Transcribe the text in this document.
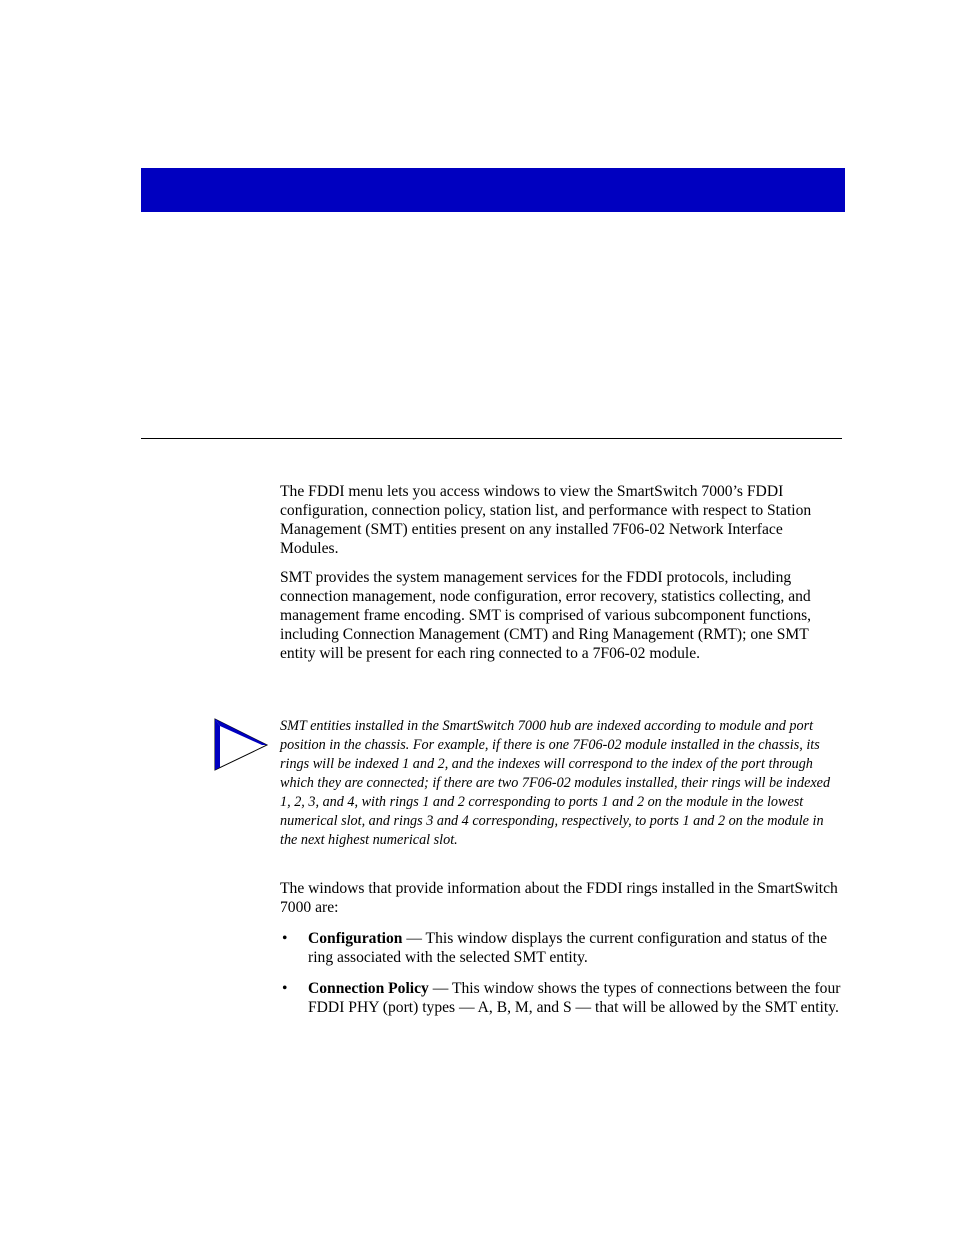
The FDDI menu lets you access windows to view the SmartSwitch 7000’s FDDI configuration, connection policy, station list, and performance with respect to Station Management (SMT) entities present on any installed 7F06-02 Network Interface Modules.

SMT provides the system management services for the FDDI protocols, including connection management, node configuration, error recovery, statistics collecting, and management frame encoding. SMT is comprised of various subcomponent functions, including Connection Management (CMT) and Ring Management (RMT); one SMT entity will be present for each ring connected to a 7F06-02 module.

SMT entities installed in the SmartSwitch 7000 hub are indexed according to module and port position in the chassis. For example, if there is one 7F06-02 module installed in the chassis, its rings will be indexed 1 and 2, and the indexes will correspond to the index of the port through which they are connected; if there are two 7F06-02 modules installed, their rings will be indexed 1, 2, 3, and 4, with rings 1 and 2 corresponding to ports 1 and 2 on the module in the lowest numerical slot, and rings 3 and 4 corresponding, respectively, to ports 1 and 2 on the module in the next highest numerical slot.

The windows that provide information about the FDDI rings installed in the SmartSwitch 7000 are:

• Configuration — This window displays the current configuration and status of the ring associated with the selected SMT entity.
• Connection Policy — This window shows the types of connections between the four FDDI PHY (port) types — A, B, M, and S — that will be allowed by the SMT entity.
